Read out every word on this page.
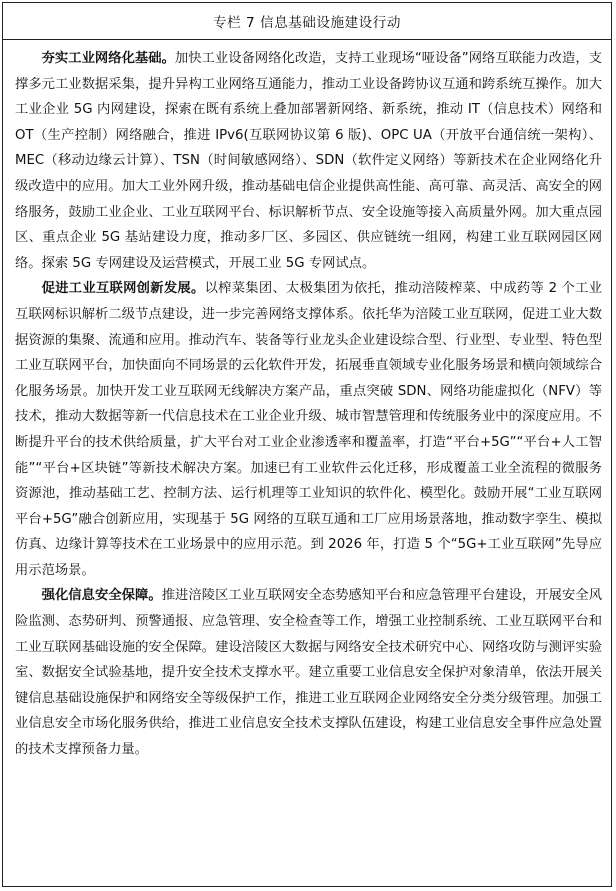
专栏 7 信息基础设施建设行动

夯实工业网络化基础。加快工业设备网络化改造，支持工业现场“哑设备”网络互联能力改造，支撑多元工业数据采集，提升异构工业网络互通能力，推动工业设备跨协议互通和跨系统互操作。加大工业企业 5G 内网建设，探索在既有系统上叠加部署新网络、新系统，推动 IT（信息技术）网络和 OT（生产控制）网络融合，推进 IPv6(互联网协议第 6 版)、OPC UA（开放平台通信统一架构）、MEC（移动边缘云计算）、TSN（时间敏感网络）、SDN（软件定义网络）等新技术在企业网络化升级改造中的应用。加大工业外网升级，推动基础电信企业提供高性能、高可靠、高灵活、高安全的网络服务，鼓励工业企业、工业互联网平台、标识解析节点、安全设施等接入高质量外网。加大重点园区、重点企业 5G 基站建设力度，推动多厂区、多园区、供应链统一组网，构建工业互联网园区网络。探索 5G 专网建设及运营模式，开展工业 5G 专网试点。

促进工业互联网创新发展。以榨菜集团、太极集团为依托，推动涪陵榨菜、中成药等 2 个工业互联网标识解析二级节点建设，进一步完善网络支撑体系。依托华为涪陵工业互联网，促进工业大数据资源的集聚、流通和应用。推动汽车、装备等行业龙头企业建设综合型、行业型、专业型、特色型工业互联网平台，加快面向不同场景的云化软件开发，拓展垂直领域专业化服务场景和横向领域综合化服务场景。加快开发工业互联网无线解决方案产品，重点突破 SDN、网络功能虚拟化（NFV）等技术，推动大数据等新一代信息技术在工业企业升级、城市智慧管理和传统服务业中的深度应用。不断提升平台的技术供给质量，扩大平台对工业企业渗透率和覆盖率，打造“平台+5G”“平台+人工智能”“平台+区块链”等新技术解决方案。加速已有工业软件云化迁移，形成覆盖工业全流程的微服务资源池，推动基础工艺、控制方法、运行机理等工业知识的软件化、模型化。鼓励开展“工业互联网平台+5G”融合创新应用，实现基于 5G 网络的互联互通和工厂应用场景落地，推动数字孪生、模拟仿真、边缘计算等技术在工业场景中的应用示范。到 2026 年，打造 5 个“5G+工业互联网”先导应用示范场景。

强化信息安全保障。推进涪陵区工业互联网安全态势感知平台和应急管理平台建设，开展安全风险监测、态势研判、预警通报、应急管理、安全检查等工作，增强工业控制系统、工业互联网平台和工业互联网基础设施的安全保障。建设涪陵区大数据与网络安全技术研究中心、网络攻防与测评实验室、数据安全试验基地，提升安全技术支撑水平。建立重要工业信息安全保护对象清单，依法开展关键信息基础设施保护和网络安全等级保护工作，推进工业互联网企业网络安全分类分级管理。加强工业信息安全市场化服务供给，推进工业信息安全技术支撑队伍建设，构建工业信息安全事件应急处置的技术支撑预备力量。
